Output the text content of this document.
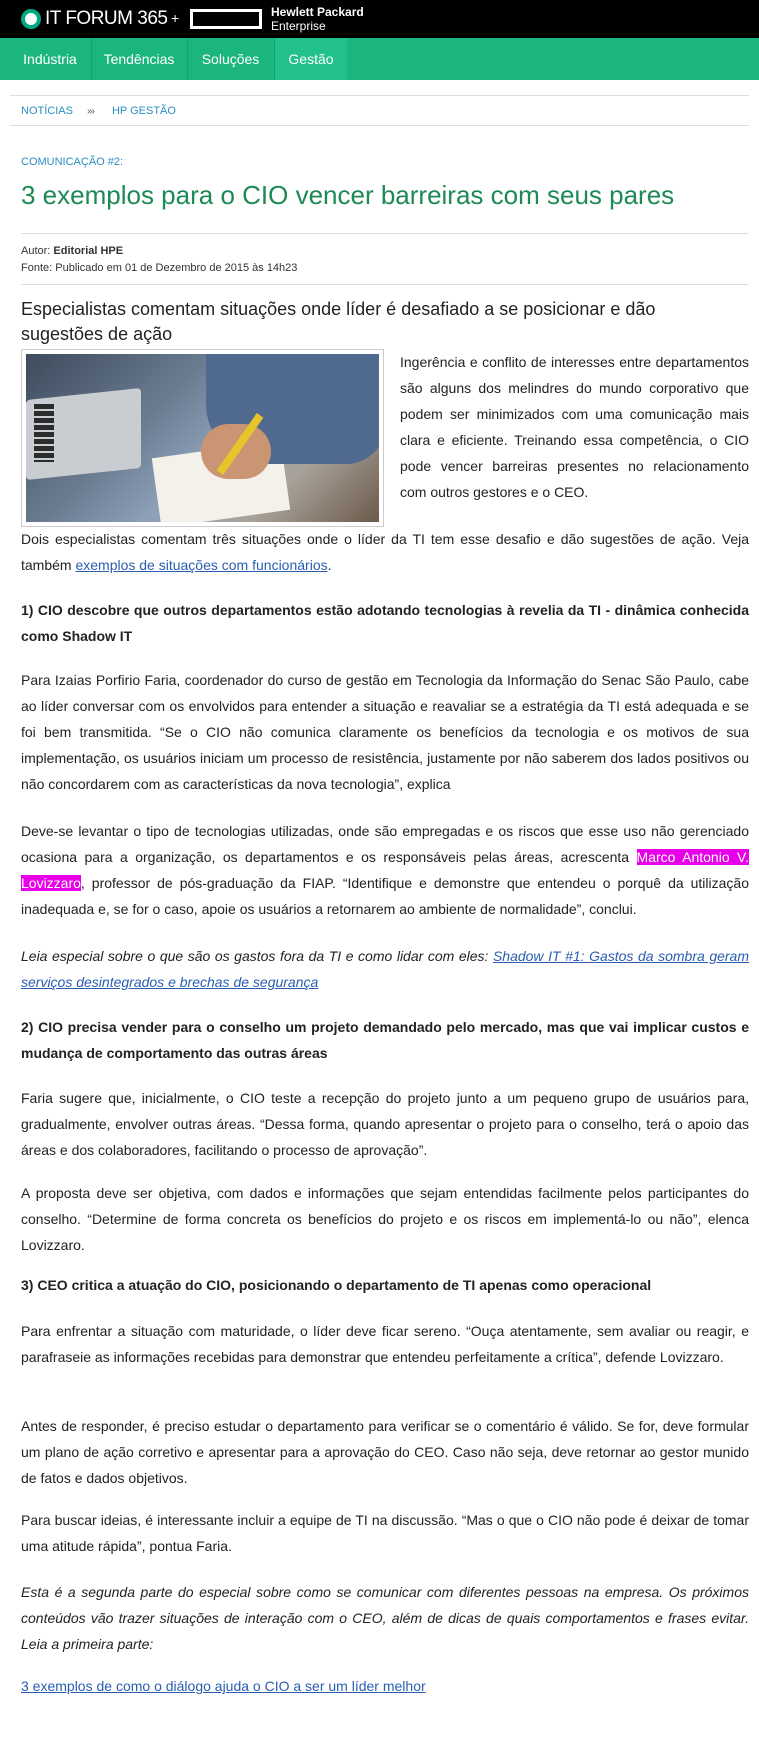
IT FORUM 365 +	Hewlett Packard
Enterprise
Indústria	Tendências	Soluções	Gestão
NOTÍCIAS ››› HP GESTÃO
COMUNICAÇÃO #2:
3 exemplos para o CIO vencer barreiras com seus pares
Autor: Editorial HPE
Fonte: Publicado em 01 de Dezembro de 2015 às 14h23
Especialistas comentam situações onde líder é desafiado a se posicionar e dão sugestões de ação

Ingerência e conflito de interesses entre departamentos são alguns dos melindres do mundo corporativo que podem ser minimizados com uma comunicação mais clara e eficiente. Treinando essa competência, o CIO pode vencer barreiras presentes no relacionamento com outros gestores e o CEO.

Dois especialistas comentam três situações onde o líder da TI tem esse desafio e dão sugestões de ação. Veja também exemplos de situações com funcionários.

1) CIO descobre que outros departamentos estão adotando tecnologias à revelia da TI - dinâmica conhecida como Shadow IT

Para Izaias Porfirio Faria, coordenador do curso de gestão em Tecnologia da Informação do Senac São Paulo, cabe ao líder conversar com os envolvidos para entender a situação e reavaliar se a estratégia da TI está adequada e se foi bem transmitida. “Se o CIO não comunica claramente os benefícios da tecnologia e os motivos de sua implementação, os usuários iniciam um processo de resistência, justamente por não saberem dos lados positivos ou não concordarem com as características da nova tecnologia”, explica

Deve-se levantar o tipo de tecnologias utilizadas, onde são empregadas e os riscos que esse uso não gerenciado ocasiona para a organização, os departamentos e os responsáveis pelas áreas, acrescenta Marco Antonio V. Lovizzaro, professor de pós-graduação da FIAP. “Identifique e demonstre que entendeu o porquê da utilização inadequada e, se for o caso, apoie os usuários a retornarem ao ambiente de normalidade”, conclui.

Leia especial sobre o que são os gastos fora da TI e como lidar com eles: Shadow IT #1: Gastos da sombra geram serviços desintegrados e brechas de segurança

2) CIO precisa vender para o conselho um projeto demandado pelo mercado, mas que vai implicar custos e mudança de comportamento das outras áreas

Faria sugere que, inicialmente, o CIO teste a recepção do projeto junto a um pequeno grupo de usuários para, gradualmente, envolver outras áreas. “Dessa forma, quando apresentar o projeto para o conselho, terá o apoio das áreas e dos colaboradores, facilitando o processo de aprovação”.

A proposta deve ser objetiva, com dados e informações que sejam entendidas facilmente pelos participantes do conselho. “Determine de forma concreta os benefícios do projeto e os riscos em implementá-lo ou não”, elenca Lovizzaro.

3) CEO critica a atuação do CIO, posicionando o departamento de TI apenas como operacional

Para enfrentar a situação com maturidade, o líder deve ficar sereno. “Ouça atentamente, sem avaliar ou reagir, e parafraseie as informações recebidas para demonstrar que entendeu perfeitamente a crítica”, defende Lovizzaro.

Antes de responder, é preciso estudar o departamento para verificar se o comentário é válido. Se for, deve formular um plano de ação corretivo e apresentar para a aprovação do CEO. Caso não seja, deve retornar ao gestor munido de fatos e dados objetivos.

Para buscar ideias, é interessante incluir a equipe de TI na discussão. “Mas o que o CIO não pode é deixar de tomar uma atitude rápida”, pontua Faria.

Esta é a segunda parte do especial sobre como se comunicar com diferentes pessoas na empresa. Os próximos conteúdos vão trazer situações de interação com o CEO, além de dicas de quais comportamentos e frases evitar. Leia a primeira parte:

3 exemplos de como o diálogo ajuda o CIO a ser um líder melhor
